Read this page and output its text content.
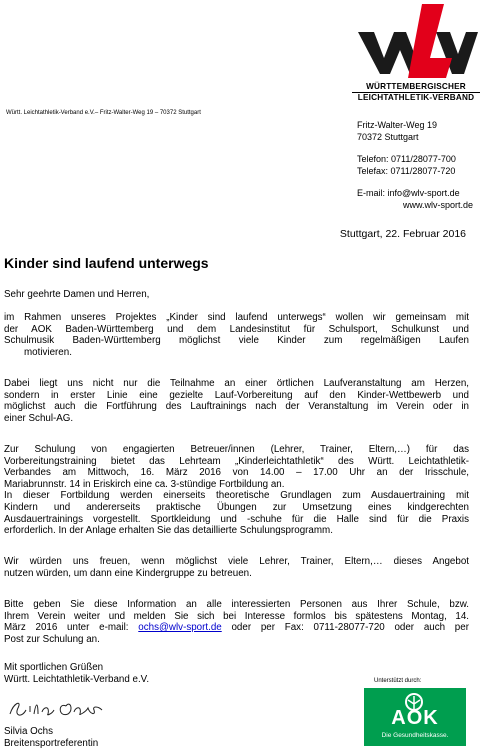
WÜRTTEMBERGISCHER
LEICHTATHLETIK-VERBAND
Württ. Leichtathletik-Verband e.V.– Fritz-Walter-Weg 19 – 70372 Stuttgart
Fritz-Walter-Weg 19
70372 Stuttgart
Telefon: 0711/28077-700
Telefax: 0711/28077-720
E-mail: info@wlv-sport.de
www.wlv-sport.de
Stuttgart, 22. Februar 2016
Kinder sind laufend unterwegs
Sehr geehrte Damen und Herren,
im Rahmen unseres Projektes „Kinder sind laufend unterwegs“ wollen wir gemeinsam mit
der AOK Baden-Württemberg und dem Landesinstitut für Schulsport, Schulkunst und
Schulmusik Baden-Württemberg möglichst viele Kinder zum regelmäßigen Laufen
motivieren.
Dabei liegt uns nicht nur die Teilnahme an einer örtlichen Laufveranstaltung am Herzen,
sondern in erster Linie eine gezielte Lauf-Vorbereitung auf den Kinder-Wettbewerb und
möglichst auch die Fortführung des Lauftrainings nach der Veranstaltung im Verein oder in
einer Schul-AG.
Zur Schulung von engagierten Betreuer/innen (Lehrer, Trainer, Eltern,…) für das
Vorbereitungstraining bietet das Lehrteam „Kinderleichtathletik“ des Württ. Leichtathletik-
Verbandes am Mittwoch, 16. März 2016 von 14.00 – 17.00 Uhr an der Irisschule,
Mariabrunnstr. 14 in Eriskirch eine ca. 3-stündige Fortbildung an.
In dieser Fortbildung werden einerseits theoretische Grundlagen zum Ausdauertraining mit
Kindern und andererseits praktische Übungen zur Umsetzung eines kindgerechten
Ausdauertrainings vorgestellt. Sportkleidung und -schuhe für die Halle sind für die Praxis
erforderlich. In der Anlage erhalten Sie das detaillierte Schulungsprogramm.
Wir würden uns freuen, wenn möglichst viele Lehrer, Trainer, Eltern,… dieses Angebot
nutzen würden, um dann eine Kindergruppe zu betreuen.
Bitte geben Sie diese Information an alle interessierten Personen aus Ihrer Schule, bzw.
Ihrem Verein weiter und melden Sie sich bei Interesse formlos bis spätestens Montag, 14.
März 2016 unter e-mail: ochs@wlv-sport.de oder per Fax: 0711-28077-720 oder auch per
Post zur Schulung an.
Mit sportlichen Grüßen
Württ. Leichtathletik-Verband e.V.
Silvia Ochs
Breitensportreferentin
Unterstützt durch:
AOK
Die Gesundheitskasse.
